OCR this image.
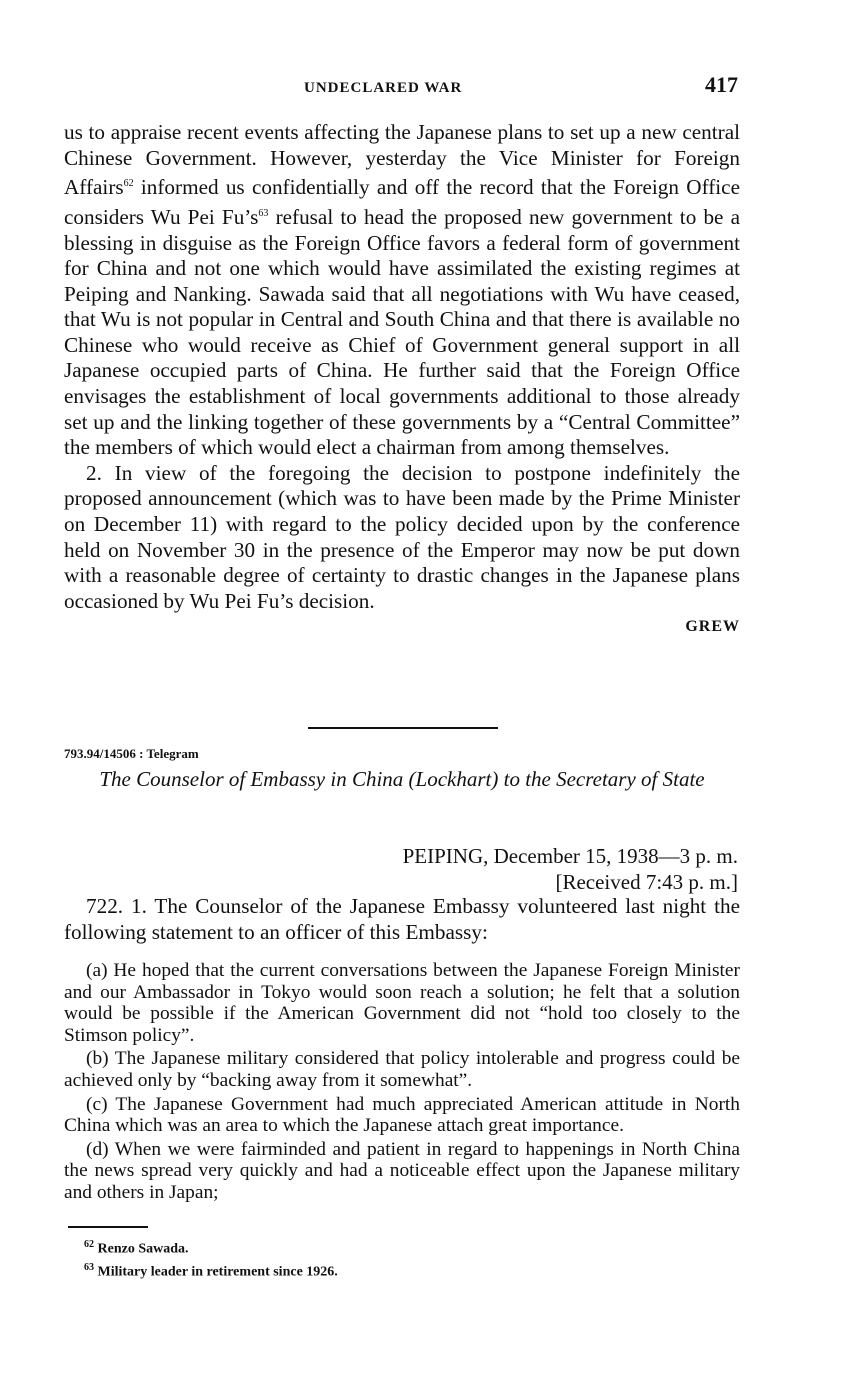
UNDECLARED WAR	417

us to appraise recent events affecting the Japanese plans to set up a new central Chinese Government. However, yesterday the Vice Minister for Foreign Affairs$^{62}$ informed us confidentially and off the record that the Foreign Office considers Wu Pei $Fu’s^{63}$ refusal to head the proposed new government to be a blessing in disguise as the Foreign Office favors a federal form of government for China and not one which would have assimilated the existing regimes at Peiping and Nanking. Sawada said that all negotiations with Wu have ceased, that Wu is not popular in Central and South China and that there is available no Chinese who would receive as Chief of Government general support in all Japanese occupied parts of China. He further said that the Foreign Office envisages the establishment of local governments additional to those already set up and the linking together of these governments by a “Central Committee” the members of which would elect a chairman from among themselves.

2. In view of the foregoing the decision to postpone indefinitely the proposed announcement (which was to have been made by the Prime Minister on December 11) with regard to the policy decided upon by the conference held on November 30 in the presence of the Emperor may now be put down with a reasonable degree of certainty to drastic changes in the Japanese plans occasioned by Wu Pei Fu’s decision.

GREW
793.94/14506 : Telegram
The Counselor of Embassy in China (Lockhart) to the Secretary of State
PEIPING, December 15, 1938—3 p. m.
[Received 7:43 p. m.]

722. 1. The Counselor of the Japanese Embassy volunteered last night the following statement to an officer of this Embassy:

(a) He hoped that the current conversations between the Japanese Foreign Minister and our Ambassador in Tokyo would soon reach a solution; he felt that a solution would be possible if the American Government did not “hold too closely to the Stimson policy”.

(b) The Japanese military considered that policy intolerable and progress could be achieved only by “backing away from it somewhat”.

(c) The Japanese Government had much appreciated American attitude in North China which was an area to which the Japanese attach great importance.

(d) When we were fairminded and patient in regard to happenings in North China the news spread very quickly and had a noticeable effect upon the Japanese military and others in Japan;

$^{62}$ Renzo Sawada.
$^{63}$ Military leader in retirement since 1926.
